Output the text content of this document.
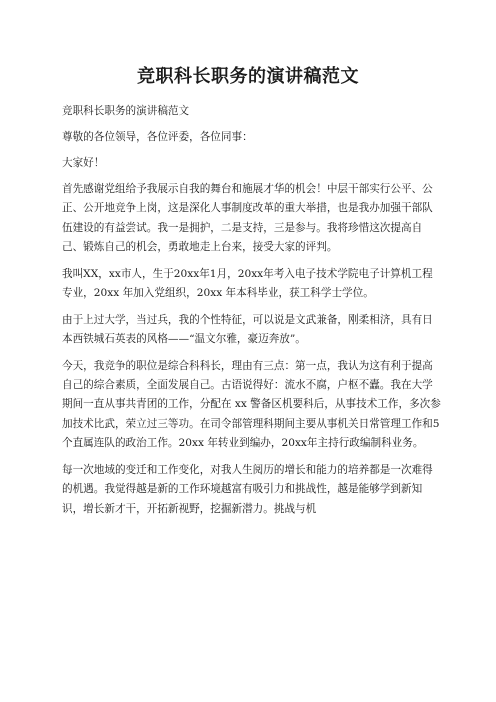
竞职科长职务的演讲稿范文

竞职科长职务的演讲稿范文

尊敬的各位领导，各位评委，各位同事：

大家好！

首先感谢党组给予我展示自我的舞台和施展才华的机会！中层干部实行公平、公正、公开地竞争上岗，这是深化人事制度改革的重大举措，也是我办加强干部队伍建设的有益尝试。我一是拥护，二是支持，三是参与。我将珍惜这次提高自己、锻炼自己的机会，勇敢地走上台来，接受大家的评判。

我叫XX，xx市人，生于20xx年1月，20xx年考入电子技术学院电子计算机工程专业，20xx 年加入党组织，20xx 年本科毕业，获工科学士学位。

由于上过大学，当过兵，我的个性特征，可以说是文武兼备，刚柔相济，具有日本西铁城石英表的风格——“温文尔雅，豪迈奔放”。

今天，我竞争的职位是综合科科长，理由有三点：第一点，我认为这有利于提高自己的综合素质，全面发展自己。古语说得好：流水不腐，户枢不蠹。我在大学期间一直从事共青团的工作，分配在 xx 警备区机要科后，从事技术工作，多次参加技术比武，荣立过三等功。在司令部管理科期间主要从事机关日常管理工作和5个直属连队的政治工作。20xx 年转业到编办，20xx年主持行政编制科业务。

每一次地域的变迁和工作变化，对我人生阅历的增长和能力的培养都是一次难得的机遇。我觉得越是新的工作环境越富有吸引力和挑战性，越是能够学到新知识，增长新才干，开拓新视野，挖掘新潜力。挑战与机
